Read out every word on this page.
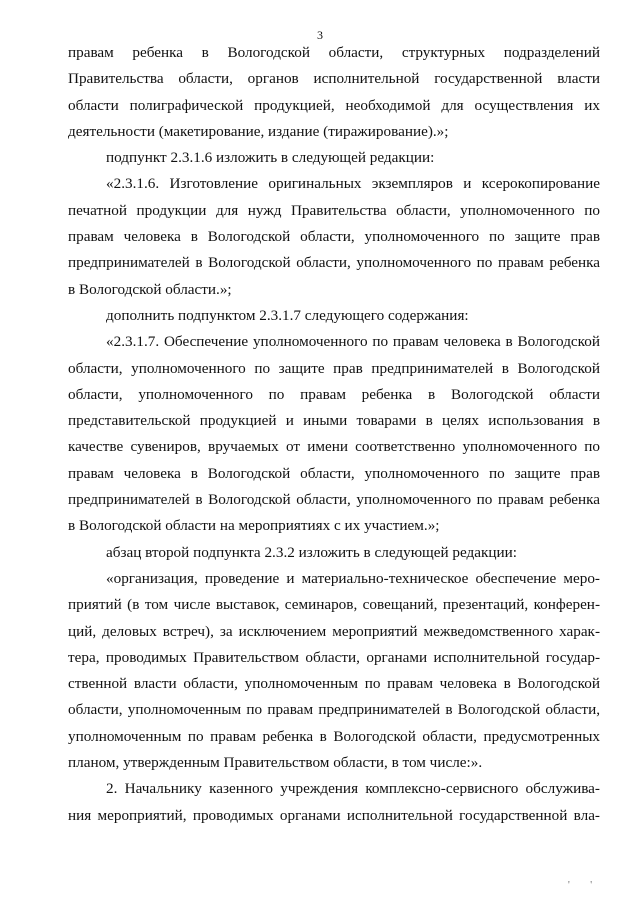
3
правам ребенка в Вологодской области, структурных подразделений
Правительства области, органов исполнительной государственной власти
области полиграфической продукцией, необходимой для осуществления их
деятельности (макетирование, издание (тиражирование).»;
подпункт 2.3.1.6 изложить в следующей редакции:
«2.3.1.6. Изготовление оригинальных экземпляров и ксерокопирование
печатной продукции для нужд Правительства области, уполномоченного по
правам человека в Вологодской области, уполномоченного по защите прав
предпринимателей в Вологодской области, уполномоченного по правам ребенка
в Вологодской области.»;
дополнить подпунктом 2.3.1.7 следующего содержания:
«2.3.1.7. Обеспечение уполномоченного по правам человека в Вологодской
области, уполномоченного по защите прав предпринимателей в Вологодской
области, уполномоченного по правам ребенка в Вологодской области
представительской продукцией и иными товарами в целях использования в
качестве сувениров, вручаемых от имени соответственно уполномоченного по
правам человека в Вологодской области, уполномоченного по защите прав
предпринимателей в Вологодской области, уполномоченного по правам ребенка
в Вологодской области на мероприятиях с их участием.»;
абзац второй подпункта 2.3.2 изложить в следующей редакции:
«организация, проведение и материально-техническое обеспечение меро-
приятий (в том числе выставок, семинаров, совещаний, презентаций, конферен-
ций, деловых встреч), за исключением мероприятий межведомственного харак-
тера, проводимых Правительством области, органами исполнительной государ-
ственной власти области, уполномоченным по правам человека в Вологодской
области, уполномоченным по правам предпринимателей в Вологодской области,
уполномоченным по правам ребенка в Вологодской области, предусмотренных
планом, утвержденным Правительством области, в том числе:».
2. Начальнику казенного учреждения комплексно-сервисного обслужива-
ния мероприятий, проводимых органами исполнительной государственной вла-
' '
